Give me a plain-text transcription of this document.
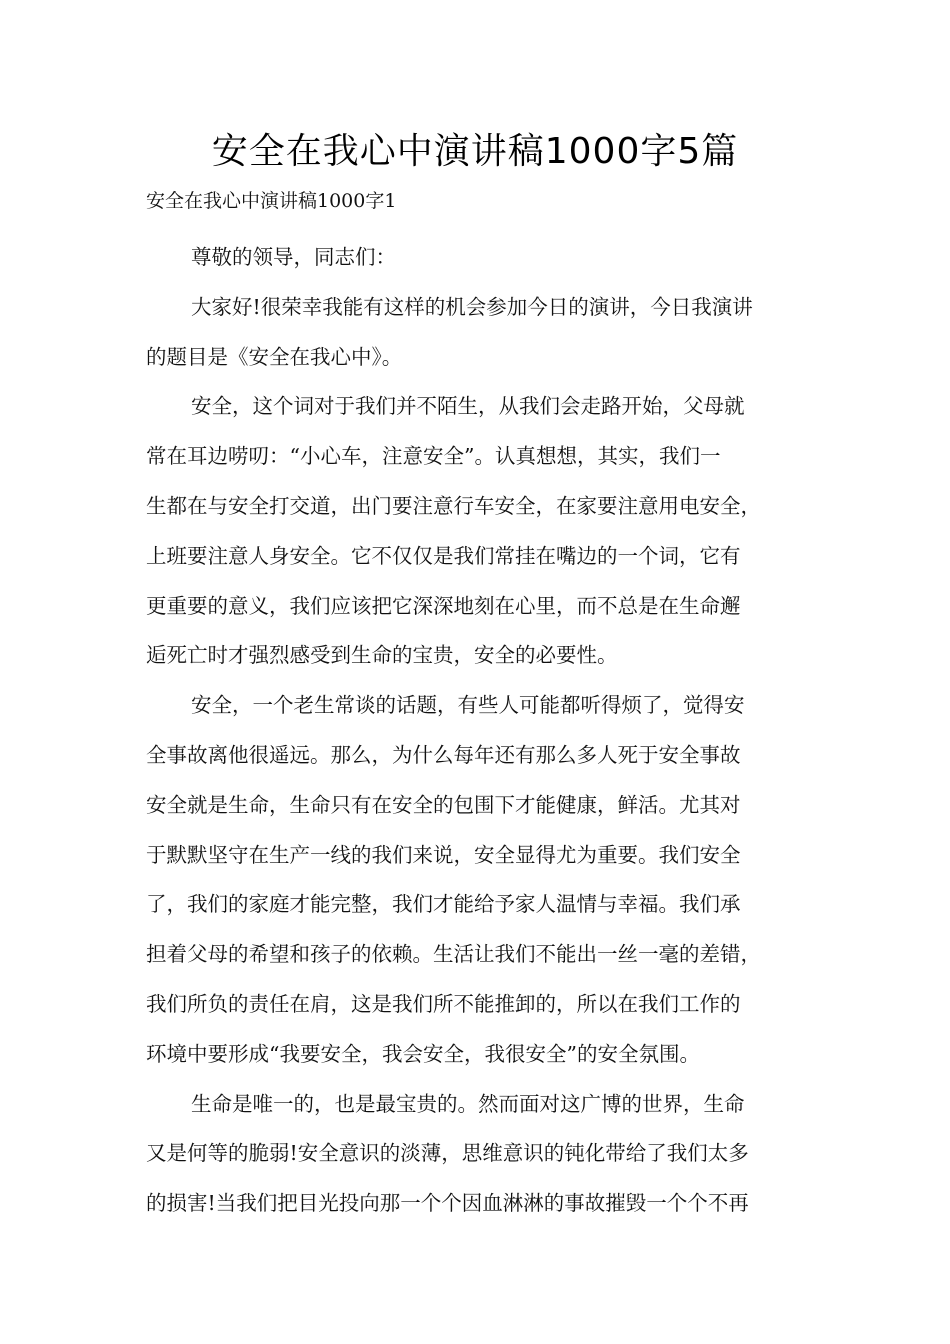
安全在我心中演讲稿1000字5篇
安全在我心中演讲稿1000字1
尊敬的领导，同志们：
大家好!很荣幸我能有这样的机会参加今日的演讲，今日我演讲
的题目是《安全在我心中》。
安全，这个词对于我们并不陌生，从我们会走路开始，父母就
常在耳边唠叨：“小心车，注意安全”。认真想想，其实，我们一
生都在与安全打交道，出门要注意行车安全，在家要注意用电安全，
上班要注意人身安全。它不仅仅是我们常挂在嘴边的一个词，它有
更重要的意义，我们应该把它深深地刻在心里，而不总是在生命邂
逅死亡时才强烈感受到生命的宝贵，安全的必要性。
安全，一个老生常谈的话题，有些人可能都听得烦了，觉得安
全事故离他很遥远。那么，为什么每年还有那么多人死于安全事故
安全就是生命，生命只有在安全的包围下才能健康，鲜活。尤其对
于默默坚守在生产一线的我们来说，安全显得尤为重要。我们安全
了，我们的家庭才能完整，我们才能给予家人温情与幸福。我们承
担着父母的希望和孩子的依赖。生活让我们不能出一丝一毫的差错，
我们所负的责任在肩，这是我们所不能推卸的，所以在我们工作的
环境中要形成“我要安全，我会安全，我很安全”的安全氛围。
生命是唯一的，也是最宝贵的。然而面对这广博的世界，生命
又是何等的脆弱!安全意识的淡薄，思维意识的钝化带给了我们太多
的损害!当我们把目光投向那一个个因血淋淋的事故摧毁一个个不再
